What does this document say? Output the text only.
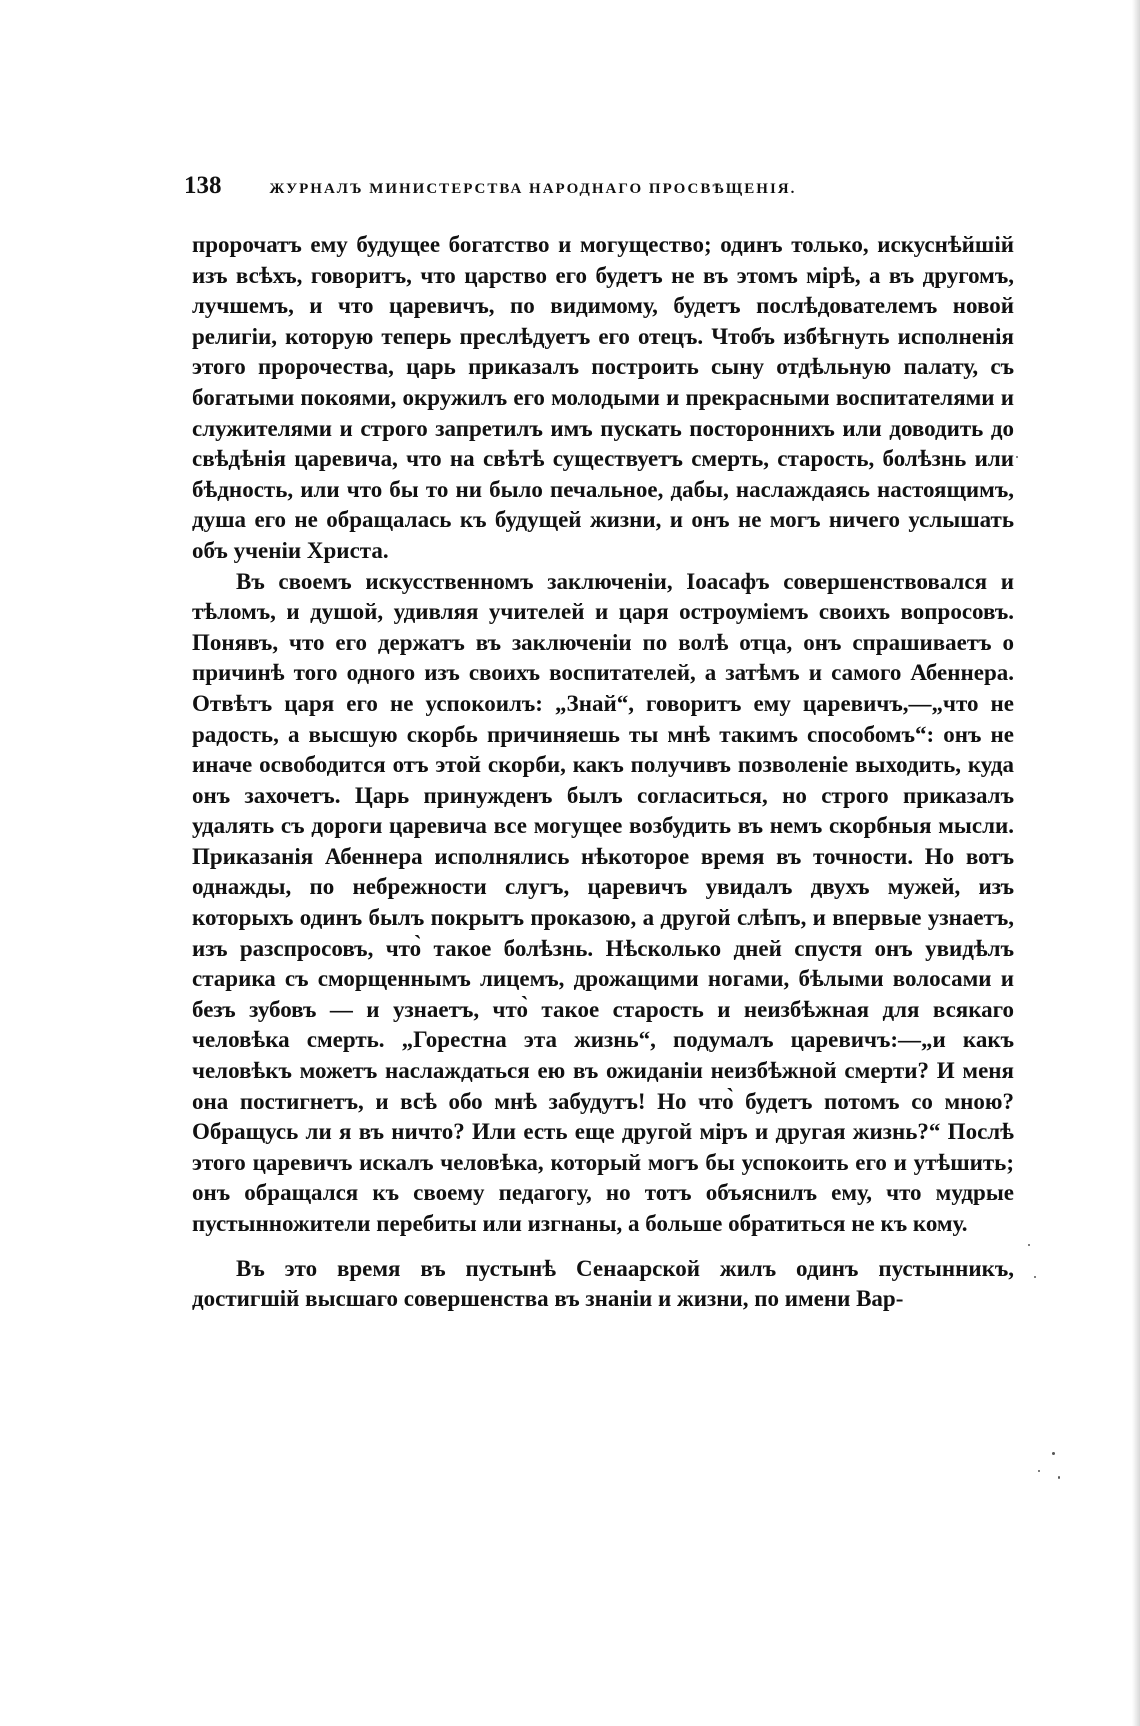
138	ЖУРНАЛЪ МИНИСТЕРСТВА НАРОДНАГО ПРОСВѢЩЕНІЯ.

пророчатъ ему будущее богатство и могущество; одинъ только, искуснѣйшій изъ всѣхъ, говоритъ, что царство его будетъ не въ этомъ мірѣ, а въ другомъ, лучшемъ, и что царевичъ, по видимому, будетъ послѣдователемъ новой религіи, которую теперь преслѣдуетъ его отецъ. Чтобъ избѣгнуть исполненія этого пророчества, царь приказалъ построить сыну отдѣльную палату, съ богатыми покоями, окружилъ его молодыми и прекрасными воспитателями и служителями и строго запретилъ имъ пускать постороннихъ или доводить до свѣдѣнія царевича, что на свѣтѣ существуетъ смерть, старость, болѣзнь или бѣдность, или что бы то ни было печальное, дабы, наслаждаясь настоящимъ, душа его не обращалась къ будущей жизни, и онъ не могъ ничего услышать объ ученіи Христа.

Въ своемъ искусственномъ заключеніи, Іоасафъ совершенствовался и тѣломъ, и душой, удивляя учителей и царя остроуміемъ своихъ вопросовъ. Понявъ, что его держатъ въ заключеніи по волѣ отца, онъ спрашиваетъ о причинѣ того одного изъ своихъ воспитателей, а затѣмъ и самого Абеннера. Отвѣтъ царя его не успокоилъ: „Знай“, говоритъ ему царевичъ,—„что не радость, а высшую скорбь причиняешь ты мнѣ такимъ способомъ“: онъ не иначе освободится отъ этой скорби, какъ получивъ позволеніе выходить, куда онъ захочетъ. Царь принужденъ былъ согласиться, но строго приказалъ удалять съ дороги царевича все могущее возбудить въ немъ скорбныя мысли. Приказанія Абеннера исполнялись нѣкоторое время въ точности. Но вотъ однажды, по небрежности слугъ, царевичъ увидалъ двухъ мужей, изъ которыхъ одинъ былъ покрытъ проказою, а другой слѣпъ, и впервые узнаетъ, изъ разспросовъ, что̀ такое болѣзнь. Нѣсколько дней спустя онъ увидѣлъ старика съ сморщеннымъ лицемъ, дрожащими ногами, бѣлыми волосами и безъ зубовъ — и узнаетъ, что̀ такое старость и неизбѣжная для всякаго человѣка смерть. „Горестна эта жизнь“, подумалъ царевичъ:—„и какъ человѣкъ можетъ наслаждаться ею въ ожиданіи неизбѣжной смерти? И меня она постигнетъ, и всѣ обо мнѣ забудутъ! Но что̀ будетъ потомъ со мною? Обращусь ли я въ ничто? Или есть еще другой міръ и другая жизнь?“ Послѣ этого царевичъ искалъ человѣка, который могъ бы успокоить его и утѣшить; онъ обращался къ своему педагогу, но тотъ объяснилъ ему, что мудрые пустынножители перебиты или изгнаны, а больше обратиться не къ кому.

Въ это время въ пустынѣ Сенаарской жилъ одинъ пустынникъ, достигшій высшаго совершенства въ знаніи и жизни, по имени Вар-
